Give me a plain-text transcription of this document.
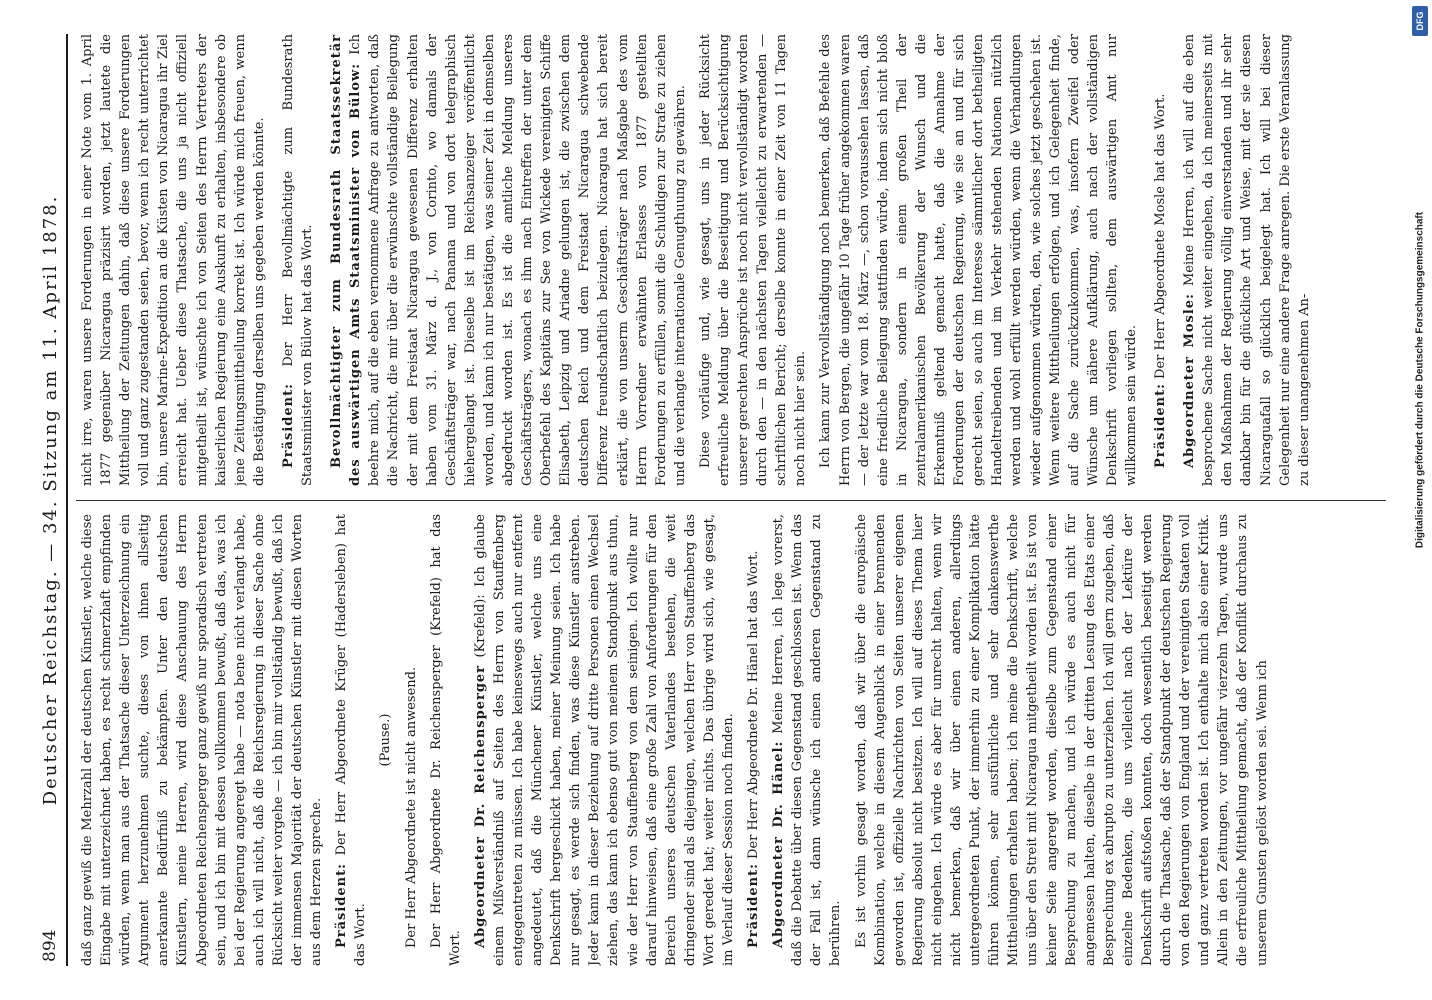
894
Deutscher Reichstag. — 34. Sitzung am 11. April 1878. daß ganz gewiß die Mehrzahl der deutschen Künstler, welche diese Eingabe mit unterzeichnet haben, es recht schmerzhaft empfinden würden, wenn man aus der Thatsache dieser Unterzeichnung ein Argument herzunehmen suchte, dieses von ihnen allseitig anerkannte Bedürfniß zu bekämpfen. Unter den deutschen Künstlern, meine Herren, wird diese Anschauung des Herrn Abgeordneten Reichensperger ganz gewiß nur sporadisch vertreten sein, und ich bin mit dessen vollkommen bewußt, daß das, was ich bei der Regierung angeregt habe — nota bene nicht verlangt habe, auch ich will nicht, daß die Reichsregierung in dieser Sache ohne Rücksicht weiter vorgehe — ich bin mir vollständig bewußt, daß ich der immensen Majorität der deutschen Künstler mit diesen Worten aus dem Herzen spreche. Präsident: Der Herr Abgeordnete Krüger (Hadersleben) hat das Wort.

(Pause.) Der Herr Abgeordnete ist nicht anwesend. Der Herr Abgeordnete Dr. Reichensperger (Krefeld) hat das Wort.

Abgeordneter Dr. Reichensperger (Krefeld): Ich glaube einem Mißverständniß auf Seiten des Herrn von Stauffenberg entgegentreten zu müssen. Ich habe keineswegs auch nur entfernt angedeutet, daß die Münchener Künstler, welche uns eine Denkschrift hergeschickt haben, meiner Meinung seien. Ich habe nur gesagt, es werde sich finden, was diese Künstler anstreben. Jeder kann in dieser Beziehung auf dritte Personen einen Wechsel ziehen, das kann ich ebenso gut von meinem Standpunkt aus thun, wie der Herr von Stauffenberg von dem seinigen. Ich wollte nur darauf hinweisen, daß eine große Zahl von Anforderungen für den Bereich unseres deutschen Vaterlandes bestehen, die weit dringender sind als diejenigen, welchen Herr von Stauffenberg das Wort geredet hat; weiter nichts. Das übrige wird sich, wie gesagt, im Verlauf dieser Session noch finden. Präsident: Der Herr Abgeordnete Dr. Hänel hat das Wort. Abgeordneter Dr. Hänel: Meine Herren, ich lege vorerst, daß die Debatte über diesen Gegenstand geschlossen ist. Wenn das der Fall ist, dann wünsche ich einen anderen Gegenstand zu berühren. Es ist vorhin gesagt worden, daß wir über die europäische Kombination, welche in diesem Augenblick in einer brennenden geworden ist, offizielle Nachrichten von Seiten unserer eigenen Regierung absolut nicht besitzen. Ich will auf dieses Thema hier nicht eingehen. Ich würde es aber für unrecht halten, wenn wir nicht bemerken, daß wir über einen anderen, allerdings untergeordneten Punkt, der immerhin zu einer Komplikation hätte führen können, sehr ausführliche und sehr dankenswerthe Mittheilungen erhalten haben; ich meine die Denkschrift, welche uns über den Streit mit Nicaragua mitgetheilt worden ist. Es ist von keiner Seite angeregt worden, dieselbe zum Gegenstand einer Besprechung zu machen, und ich würde es auch nicht für angemessen halten, dieselbe in der dritten Lesung des Etats einer Besprechung ex abrupto zu unterziehen. Ich will gern zugeben, daß einzelne Bedenken, die uns vielleicht nach der Lektüre der Denkschrift aufstoßen konnten, doch wesentlich beseitigt werden durch die Thatsache, daß der Standpunkt der deutschen Regierung von den Regierungen von England und der vereinigten Staaten voll und ganz vertreten worden ist. Ich enthalte mich also einer Kritik. Allein in den Zeitungen, vor ungefähr vierzehn Tagen, wurde uns die erfreuliche Mittheilung gemacht, daß der Konflikt durchaus zu unserem Gunsten gelöst worden sei. Wenn ich

nicht irre, waren unsere Forderungen in einer Note vom 1. April 1877 gegenüber Nicaragua präzisirt worden, jetzt lautete die Mittheilung der Zeitungen dahin, daß diese unsere Forderungen voll und ganz zugestanden seien, bevor, wenn ich recht unterrichtet bin, unsere Marine-Expedition an die Küsten von Nicaragua ihr Ziel erreicht hat. Ueber diese Thatsache, die uns ja nicht offiziell mitgetheilt ist, wünschte ich von Seiten des Herrn Vertreters der kaiserlichen Regierung eine Auskunft zu erhalten, insbesondere ob jene Zeitungsmittheilung korrekt ist. Ich würde mich freuen, wenn die Bestätigung derselben uns gegeben werden könnte. Präsident: Der Herr Bevollmächtigte zum Bundesrath Staatsminister von Bülow hat das Wort. Bevollmächtigter zum Bundesrath Staatssekretär des auswärtigen Amts Staatsminister von Bülow: Ich beehre mich, auf die eben vernommene Anfrage zu antworten, daß die Nachricht, die mir über die erwünschte vollständige Beilegung der mit dem Freistaat Nicaragua gewesenen Differenz erhalten haben vom 31. März d. J., von Corinto, wo damals der Geschäftsträger war, nach Panama und von dort telegraphisch hiehergelangt ist. Dieselbe ist im Reichsanzeiger veröffentlicht worden, und kann ich nur bestätigen, was seiner Zeit in demselben abgedruckt worden ist. Es ist die amtliche Meldung unseres Geschäftsträgers, wonach es ihm nach Eintreffen der unter dem Oberbefehl des Kapitäns zur See von Wickede vereinigten Schiffe Elisabeth, Leipzig und Ariadne gelungen ist, die zwischen dem deutschen Reich und dem Freistaat Nicaragua schwebende Differenz freundschaftlich beizulegen. Nicaragua hat sich bereit erklärt, die von unserm Geschäftsträger nach Maßgabe des vom Herrn Vorredner erwähnten Erlasses von 1877 gestellten Forderungen zu erfüllen, somit die Schuldigen zur Strafe zu ziehen und die verlangte internationale Genugthuung zu gewähren. Diese vorläufige und, wie gesagt, uns in jeder Rücksicht erfreuliche Meldung über die Beseitigung und Berücksichtigung unserer gerechten Ansprüche ist noch nicht vervollständigt worden durch den — in den nächsten Tagen vielleicht zu erwartenden — schriftlichen Bericht; derselbe konnte in einer Zeit von 11 Tagen noch nicht hier sein. Ich kann zur Vervollständigung noch bemerken, daß Befehle des Herrn von Bergen, die ungefähr 10 Tage früher angekommen waren — der letzte war vom 18. März —, schon voraussehen lassen, daß eine friedliche Beilegung stattfinden würde, indem sich nicht bloß in Nicaragua, sondern in einem großen Theil der zentralamerikanischen Bevölkerung der Wunsch und die Erkenntniß geltend gemacht hatte, daß die Annahme der Forderungen der deutschen Regierung, wie sie an und für sich gerecht seien, so auch im Interesse sämmtlicher dort betheiligten Handeltreibenden und im Verkehr stehenden Nationen nützlich werden und wohl erfüllt werden würden, wenn die Verhandlungen wieder aufgenommen würden, den, wie solches jetzt geschehen ist. Wenn weitere Mittheilungen erfolgen, und ich Gelegenheit finde, auf die Sache zurückzukommen, was, insofern Zweifel oder Wünsche um nähere Aufklärung, auch nach der vollständigen Denkschrift vorliegen sollten, dem auswärtigen Amt nur willkommen sein würde. Präsident: Der Herr Abgeordnete Mosle hat das Wort.

Abgeordneter Mosle: Meine Herren, ich will auf die eben besprochene Sache nicht weiter eingehen, da ich meinerseits mit den Maßnahmen der Regierung völlig einverstanden und ihr sehr dankbar bin für die glückliche Art und Weise, mit der sie diesen Nicaraguafall so glücklich beigelegt hat. Ich will bei dieser Gelegenheit nur eine andere Frage anregen. Die erste Veranlassung zu dieser unangenehmen An-	Digitalisierung gefördert durch die Deutsche Forschungsgemeinschaft
DFG
